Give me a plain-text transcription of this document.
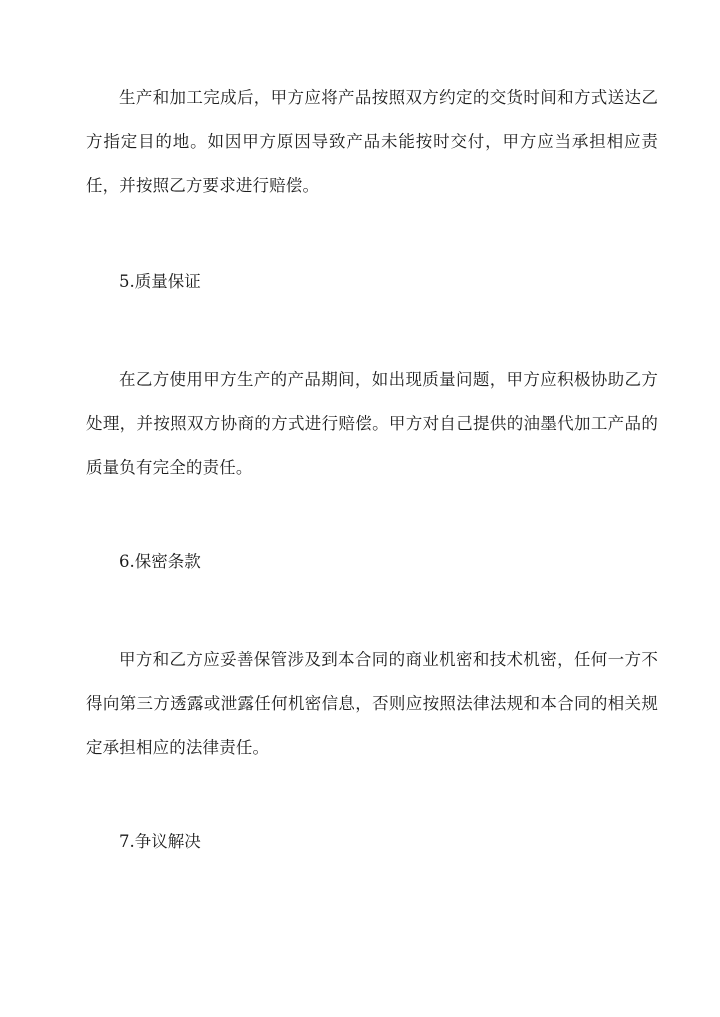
生产和加工完成后，甲方应将产品按照双方约定的交货时间和方式送达乙方指定目的地。如因甲方原因导致产品未能按时交付，甲方应当承担相应责任，并按照乙方要求进行赔偿。

5.质量保证

在乙方使用甲方生产的产品期间，如出现质量问题，甲方应积极协助乙方处理，并按照双方协商的方式进行赔偿。甲方对自己提供的油墨代加工产品的质量负有完全的责任。

6.保密条款

甲方和乙方应妥善保管涉及到本合同的商业机密和技术机密，任何一方不得向第三方透露或泄露任何机密信息，否则应按照法律法规和本合同的相关规定承担相应的法律责任。

7.争议解决
